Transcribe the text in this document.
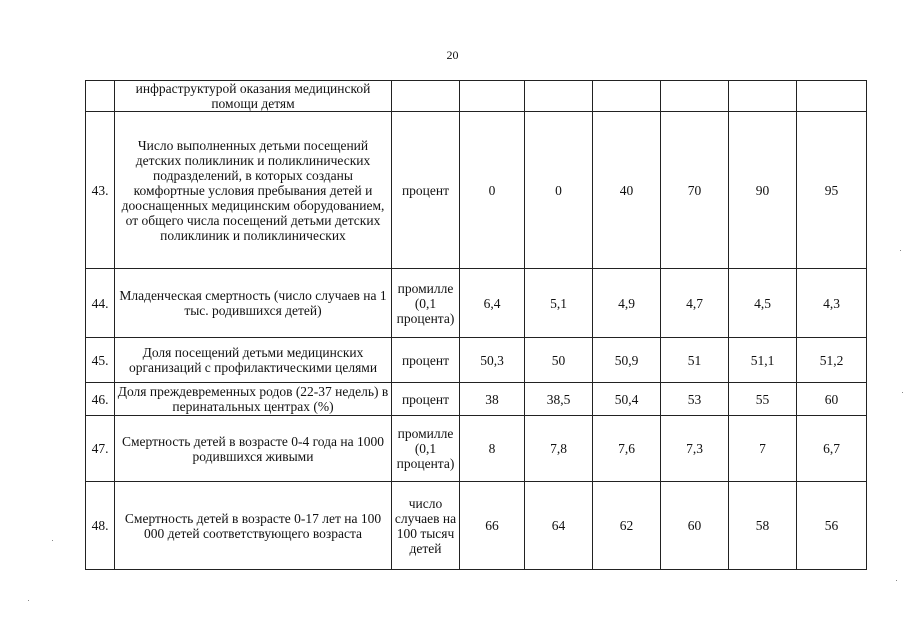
20
	инфраструктурой оказания медицинской помощи детям							
43.	Число выполненных детьми посещений детских поликлиник и поликлинических подразделений, в которых созданы комфортные условия пребывания детей и дооснащенных медицинским оборудованием, от общего числа посещений детьми детских поликлиник и поликлинических	процент	0	0	40	70	90	95
44.	Младенческая смертность (число случаев на 1 тыс. родившихся детей)	промилле (0,1 процента)	6,4	5,1	4,9	4,7	4,5	4,3
45.	Доля посещений детьми медицинских организаций с профилактическими целями	процент	50,3	50	50,9	51	51,1	51,2
46.	Доля преждевременных родов (22-37 недель) в перинатальных центрах (%)	процент	38	38,5	50,4	53	55	60
47.	Смертность детей в возрасте 0-4 года на 1000 родившихся живыми	промилле (0,1 процента)	8	7,8	7,6	7,3	7	6,7
48.	Смертность детей в возрасте 0-17 лет на 100 000 детей соответствующего возраста	число случаев на 100 тысяч детей	66	64	62	60	58	56
